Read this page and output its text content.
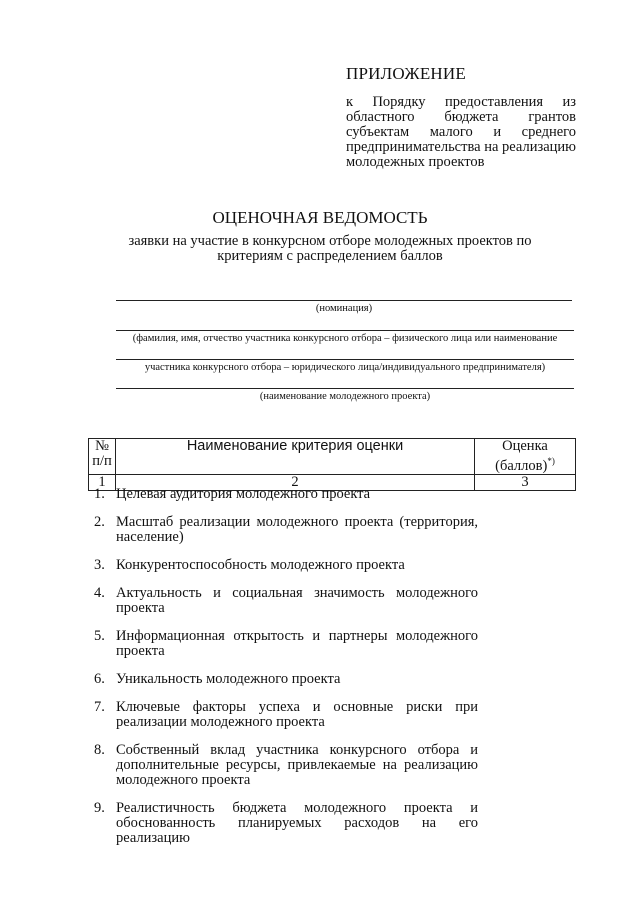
ПРИЛОЖЕНИЕ
к Порядку предоставления из областного бюджета грантов субъектам малого и среднего предпринимательства на реализацию молодежных проектов
ОЦЕНОЧНАЯ ВЕДОМОСТЬ
заявки на участие в конкурсном отборе молодежных проектов по критериям с распределением баллов
(номинация)
(фамилия, имя, отчество участника конкурсного отбора – физического лица или наименование
участника конкурсного отбора – юридического лица/индивидуального предпринимателя)
(наименование молодежного проекта)
№ п/п	Наименование критерия оценки	Оценка (баллов)*)
1	2	3
1. Целевая аудитория молодежного проекта
2. Масштаб реализации молодежного проекта (территория, население)
3. Конкурентоспособность молодежного проекта
4. Актуальность и социальная значимость молодежного проекта
5. Информационная открытость и партнеры молодежного проекта
6. Уникальность молодежного проекта
7. Ключевые факторы успеха и основные риски при реализации молодежного проекта
8. Собственный вклад участника конкурсного отбора и дополнительные ресурсы, привлекаемые на реализацию молодежного проекта
9. Реалистичность бюджета молодежного проекта и обоснованность планируемых расходов на его реализацию
